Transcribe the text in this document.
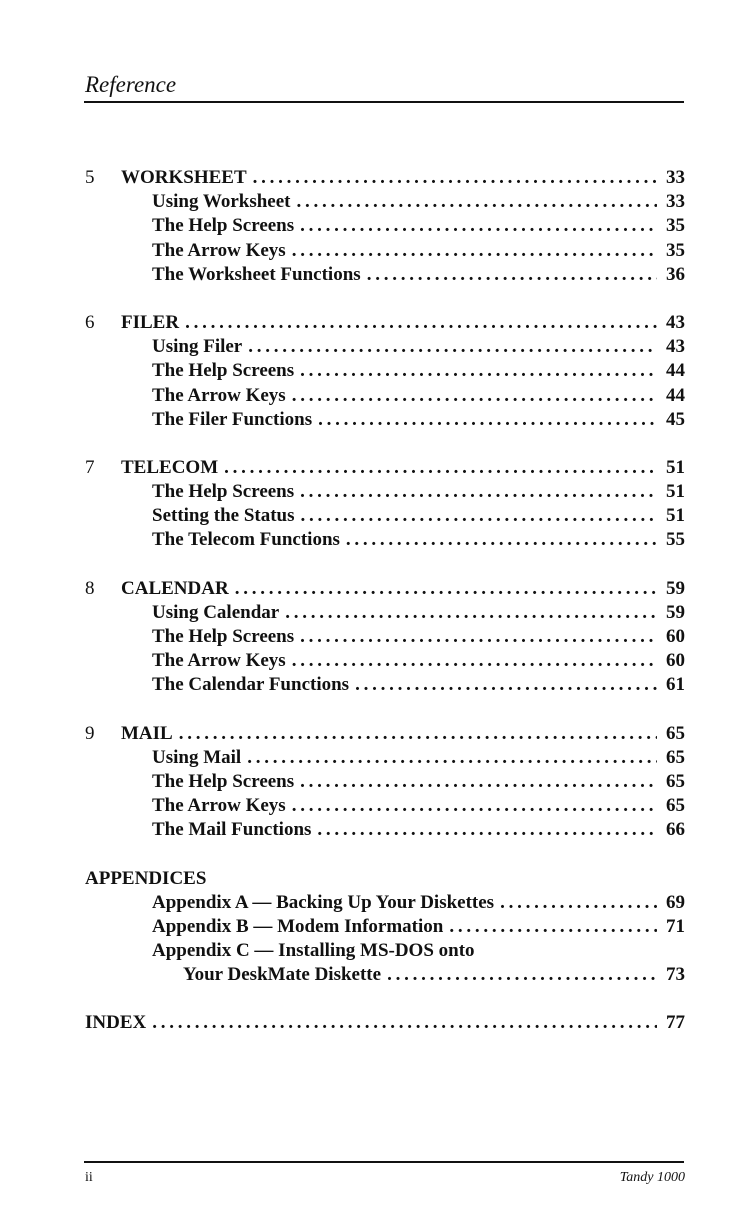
Reference
5	WORKSHEET . . .	33
Using Worksheet . . .	33
The Help Screens . . .	35
The Arrow Keys . . .	35
The Worksheet Functions . . .	36
6	FILER . . .	43
Using Filer . . .	43
The Help Screens . . .	44
The Arrow Keys . . .	44
The Filer Functions . . .	45
7	TELECOM . . .	51
The Help Screens . . .	51
Setting the Status . . .	51
The Telecom Functions . . .	55
8	CALENDAR . . .	59
Using Calendar . . .	59
The Help Screens . . .	60
The Arrow Keys . . .	60
The Calendar Functions . . .	61
9	MAIL . . .	65
Using Mail . . .	65
The Help Screens . . .	65
The Arrow Keys . . .	65
The Mail Functions . . .	66
APPENDICES
Appendix A — Backing Up Your Diskettes . . .	69
Appendix B — Modem Information . . .	71
Appendix C — Installing MS-DOS onto
Your DeskMate Diskette . . .	73
INDEX . . .	77
ii	Tandy 1000
